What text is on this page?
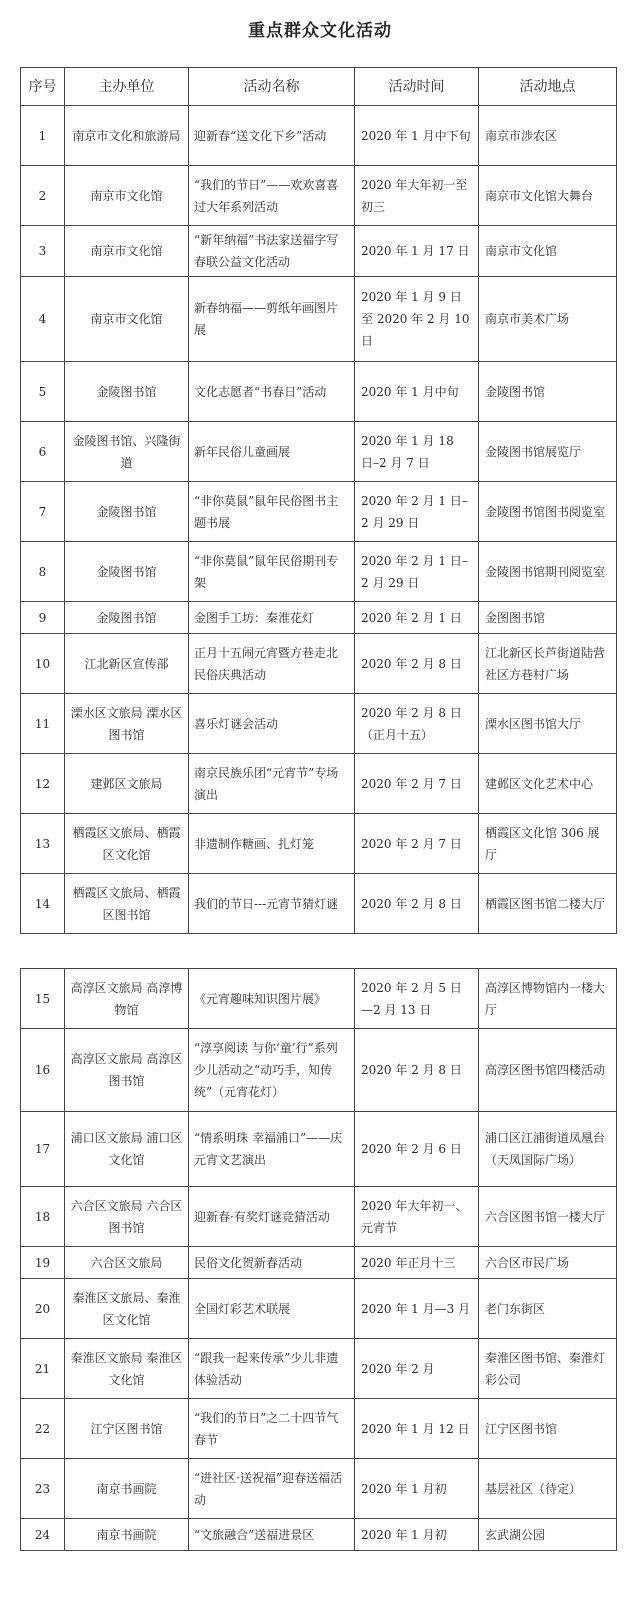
重点群众文化活动
序号	主办单位	活动名称	活动时间	活动地点
1	南京市文化和旅游局	迎新春“送文化下乡”活动	2020 年 1 月中下旬	南京市涉农区
2	南京市文化馆	“我们的节日”——欢欢喜喜过大年系列活动	2020 年大年初一至初三	南京市文化馆大舞台
3	南京市文化馆	“新年纳福”书法家送福字写春联公益文化活动	2020 年 1 月 17 日	南京市文化馆
4	南京市文化馆	新春纳福——剪纸年画图片展	2020 年 1 月 9 日至 2020 年 2 月 10 日	南京市美术广场
5	金陵图书馆	文化志愿者“书春日”活动	2020 年 1 月中旬	金陵图书馆
6	金陵图书馆、兴隆街道	新年民俗儿童画展	2020 年 1 月 18 日–2 月 7 日	金陵图书馆展览厅
7	金陵图书馆	“非你莫鼠”鼠年民俗图书主题书展	2020 年 2 月 1 日–2 月 29 日	金陵图书馆图书阅览室
8	金陵图书馆	“非你莫鼠”鼠年民俗期刊专架	2020 年 2 月 1 日–2 月 29 日	金陵图书馆期刊阅览室
9	金陵图书馆	金图手工坊：秦淮花灯	2020 年 2 月 1 日	金图图书馆
10	江北新区宣传部	正月十五闹元宵暨方巷走北民俗庆典活动	2020 年 2 月 8 日	江北新区长芦街道陆营社区方巷村广场
11	溧水区文旅局 溧水区图书馆	喜乐灯谜会活动	2020 年 2 月 8 日（正月十五）	溧水区图书馆大厅
12	建邺区文旅局	南京民族乐团“元宵节”专场演出	2020 年 2 月 7 日	建邺区文化艺术中心
13	栖霞区文旅局、栖霞区文化馆	非遗制作糖画、扎灯笼	2020 年 2 月 7 日	栖霞区文化馆 306 展厅
14	栖霞区文旅局、栖霞区图书馆	我们的节日---元宵节猜灯谜	2020 年 2 月 8 日	栖霞区图书馆二楼大厅
15	高淳区文旅局 高淳博物馆	《元宵趣味知识图片展》	2020 年 2 月 5 日—2 月 13 日	高淳区博物馆内一楼大厅
16	高淳区文旅局 高淳区图书馆	“淳享阅读 与你‘童’行”系列少儿活动之“动巧手，知传统”（元宵花灯）	2020 年 2 月 8 日	高淳区图书馆四楼活动
17	浦口区文旅局 浦口区文化馆	“情系明珠 幸福浦口”——庆元宵文艺演出	2020 年 2 月 6 日	浦口区江浦街道凤凰台（天凤国际广场）
18	六合区文旅局 六合区图书馆	迎新春·有奖灯谜竞猜活动	2020 年大年初一、元宵节	六合区图书馆一楼大厅
19	六合区文旅局	民俗文化贺新春活动	2020 年正月十三	六合区市民广场
20	秦淮区文旅局、秦淮区文化馆	全国灯彩艺术联展	2020 年 1 月—3 月	老门东街区
21	秦淮区文旅局 秦淮区文化馆	“跟我一起来传承”少儿非遗体验活动	2020 年 2 月	秦淮区图书馆、秦淮灯彩公司
22	江宁区图书馆	“我们的节日”之二十四节气春节	2020 年 1 月 12 日	江宁区图书馆
23	南京书画院	“进社区·送祝福”迎春送福活动	2020 年 1 月初	基层社区（待定）
24	南京书画院	“文旅融合”送福进景区	2020 年 1 月初	玄武湖公园
